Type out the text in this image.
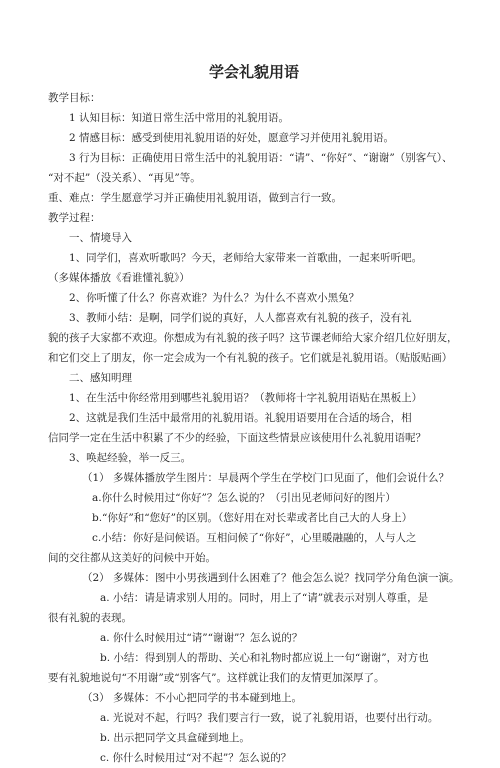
学会礼貌用语
教学目标：
1 认知目标：知道日常生活中常用的礼貌用语。
2 情感目标：感受到使用礼貌用语的好处，愿意学习并使用礼貌用语。
3 行为目标：正确使用日常生活中的礼貌用语：“请”、“你好”、“谢谢”（别客气）、
“对不起”（没关系）、“再见”等。
重、难点：学生愿意学习并正确使用礼貌用语，做到言行一致。
教学过程：
一、情境导入
1、同学们，喜欢听歌吗？今天，老师给大家带来一首歌曲，一起来听听吧。
（多媒体播放《看谁懂礼貌》）
2、你听懂了什么？你喜欢谁？为什么？为什么不喜欢小黑兔？
3、教师小结：是啊，同学们说的真好，人人都喜欢有礼貌的孩子，没有礼
貌的孩子大家都不欢迎。你想成为有礼貌的孩子吗？这节课老师给大家介绍几位好朋友，
和它们交上了朋友，你一定会成为一个有礼貌的孩子。它们就是礼貌用语。（贴版贴画）
二、感知明理
1、在生活中你经常用到哪些礼貌用语？（教师将十字礼貌用语贴在黑板上）
2、这就是我们生活中最常用的礼貌用语。礼貌用语要用在合适的场合，相
信同学一定在生活中积累了不少的经验，下面这些情景应该使用什么礼貌用语呢？
3、唤起经验，举一反三。
（1） 多媒体播放学生图片：早晨两个学生在学校门口见面了，他们会说什么？
a.你什么时候用过“你好”？怎么说的？（引出见老师问好的图片）
b.“你好”和“您好”的区别。（您好用在对长辈或者比自己大的人身上）
c.小结：你好是问候语。互相问候了“你好”，心里暖融融的，人与人之
间的交往都从这美好的问候中开始。
（2） 多媒体：图中小男孩遇到什么困难了？他会怎么说？找同学分角色演一演。
a. 小结：请是请求别人用的。同时，用上了“请”就表示对别人尊重，是
很有礼貌的表现。
a. 你什么时候用过“请”“谢谢”？怎么说的？
b. 小结：得到别人的帮助、关心和礼物时都应说上一句“谢谢”，对方也
要有礼貌地说句“不用谢”或“别客气”。这样就让我们的友情更加深厚了。
（3） 多媒体：不小心把同学的书本碰到地上。
a. 光说对不起，行吗？我们要言行一致，说了礼貌用语，也要付出行动。
b. 出示把同学文具盒碰到地上。
c. 你什么时候用过“对不起”？怎么说的？
